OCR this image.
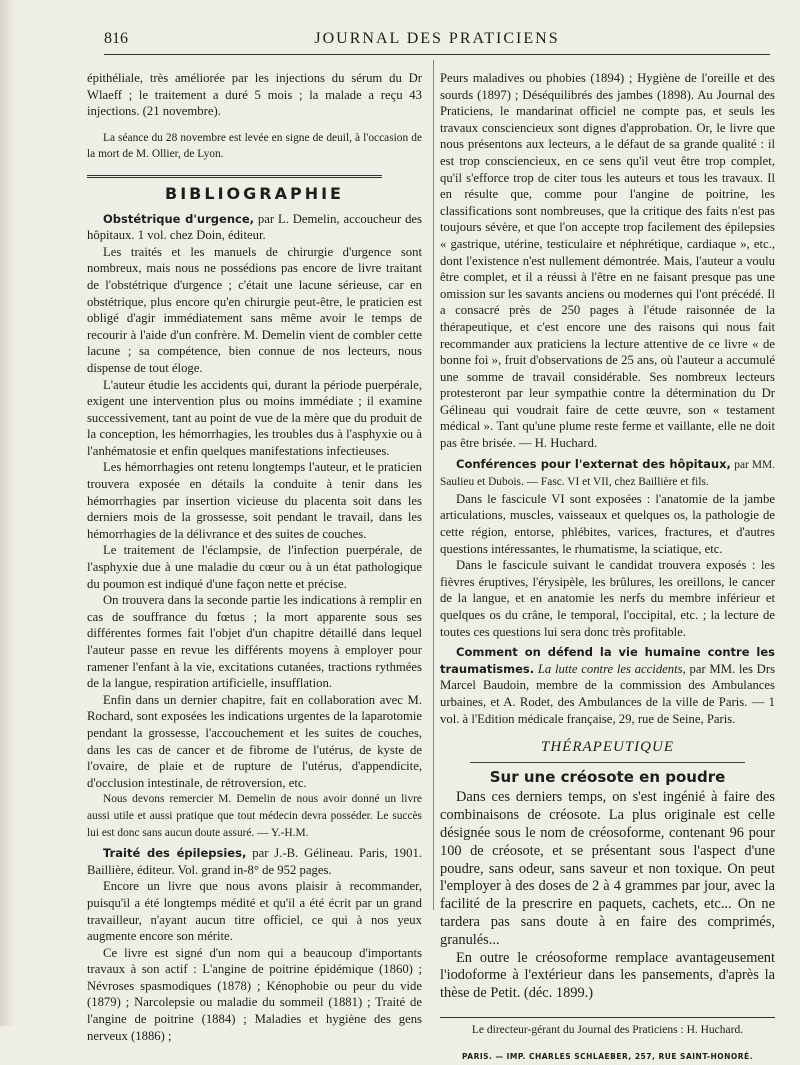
816	JOURNAL DES PRATICIENS

épithéliale, très améliorée par les injections du sérum du Dr Wlaeff ; le traitement a duré 5 mois ; la malade a reçu 43 injections. (21 novembre).

La séance du 28 novembre est levée en signe de deuil, à l'occasion de la mort de M. Ollier, de Lyon.

BIBLIOGRAPHIE

Obstétrique d'urgence, par L. Demelin, accoucheur des hôpitaux. 1 vol. chez Doin, éditeur.

Les traités et les manuels de chirurgie d'urgence sont nombreux, mais nous ne possédions pas encore de livre traitant de l'obstétrique d'urgence ; c'était une lacune sérieuse, car en obstétrique, plus encore qu'en chirurgie peut-être, le praticien est obligé d'agir immédiatement sans même avoir le temps de recourir à l'aide d'un confrère. M. Demelin vient de combler cette lacune ; sa compétence, bien connue de nos lecteurs, nous dispense de tout éloge.

L'auteur étudie les accidents qui, durant la période puerpérale, exigent une intervention plus ou moins immédiate ; il examine successivement, tant au point de vue de la mère que du produit de la conception, les hémorrhagies, les troubles dus à l'asphyxie ou à l'anhématosie et enfin quelques manifestations infectieuses.

Les hémorrhagies ont retenu longtemps l'auteur, et le praticien trouvera exposée en détails la conduite à tenir dans les hémorrhagies par insertion vicieuse du placenta soit dans les derniers mois de la grossesse, soit pendant le travail, dans les hémorrhagies de la délivrance et des suites de couches.

Le traitement de l'éclampsie, de l'infection puerpérale, de l'asphyxie due à une maladie du cœur ou à un état pathologique du poumon est indiqué d'une façon nette et précise.

On trouvera dans la seconde partie les indications à remplir en cas de souffrance du fœtus ; la mort apparente sous ses différentes formes fait l'objet d'un chapitre détaillé dans lequel l'auteur passe en revue les différents moyens à employer pour ramener l'enfant à la vie, excitations cutanées, tractions rythmées de la langue, respiration artificielle, insufflation.

Enfin dans un dernier chapitre, fait en collaboration avec M. Rochard, sont exposées les indications urgentes de la laparotomie pendant la grossesse, l'accouchement et les suites de couches, dans les cas de cancer et de fibrome de l'utérus, de kyste de l'ovaire, de plaie et de rupture de l'utérus, d'appendicite, d'occlusion intestinale, de rétroversion, etc.

Nous devons remercier M. Demelin de nous avoir donné un livre aussi utile et aussi pratique que tout médecin devra posséder. Le succès lui est donc sans aucun doute assuré. — Y.-H.M.

Traité des épilepsies, par J.-B. Gélineau. Paris, 1901. Baillière, éditeur. Vol. grand in-8° de 952 pages.

Encore un livre que nous avons plaisir à recommander, puisqu'il a été longtemps médité et qu'il a été écrit par un grand travailleur, n'ayant aucun titre officiel, ce qui à nos yeux augmente encore son mérite.

Ce livre est signé d'un nom qui a beaucoup d'importants travaux à son actif : L'angine de poitrine épidémique (1860) ; Névroses spasmodiques (1878) ; Kénophobie ou peur du vide (1879) ; Narcolepsie ou maladie du sommeil (1881) ; Traité de l'angine de poitrine (1884) ; Maladies et hygiène des gens nerveux (1886) ;

Peurs maladives ou phobies (1894) ; Hygiène de l'oreille et des sourds (1897) ; Déséquilibrés des jambes (1898). Au Journal des Praticiens, le mandarinat officiel ne compte pas, et seuls les travaux consciencieux sont dignes d'approbation. Or, le livre que nous présentons aux lecteurs, a le défaut de sa grande qualité : il est trop consciencieux, en ce sens qu'il veut être trop complet, qu'il s'efforce trop de citer tous les auteurs et tous les travaux. Il en résulte que, comme pour l'angine de poitrine, les classifications sont nombreuses, que la critique des faits n'est pas toujours sévère, et que l'on accepte trop facilement des épilepsies « gastrique, utérine, testiculaire et néphrétique, cardiaque », etc., dont l'existence n'est nullement démontrée. Mais, l'auteur a voulu être complet, et il a réussi à l'être en ne faisant presque pas une omission sur les savants anciens ou modernes qui l'ont précédé. Il a consacré près de 250 pages à l'étude raisonnée de la thérapeutique, et c'est encore une des raisons qui nous fait recommander aux praticiens la lecture attentive de ce livre « de bonne foi », fruit d'observations de 25 ans, où l'auteur a accumulé une somme de travail considérable. Ses nombreux lecteurs protesteront par leur sympathie contre la détermination du Dr Gélineau qui voudrait faire de cette œuvre, son « testament médical ». Tant qu'une plume reste ferme et vaillante, elle ne doit pas être brisée. — H. Huchard.

Conférences pour l'externat des hôpitaux, par MM. Saulieu et Dubois. — Fasc. VI et VII, chez Baillière et fils.

Dans le fascicule VI sont exposées : l'anatomie de la jambe articulations, muscles, vaisseaux et quelques os, la pathologie de cette région, entorse, phlébites, varices, fractures, et d'autres questions intéressantes, le rhumatisme, la sciatique, etc.

Dans le fascicule suivant le candidat trouvera exposés : les fièvres éruptives, l'érysipèle, les brûlures, les oreillons, le cancer de la langue, et en anatomie les nerfs du membre inférieur et quelques os du crâne, le temporal, l'occipital, etc. ; la lecture de toutes ces questions lui sera donc très profitable.

Comment on défend la vie humaine contre les traumatismes. La lutte contre les accidents, par MM. les Drs Marcel Baudoin, membre de la commission des Ambulances urbaines, et A. Rodet, des Ambulances de la ville de Paris. — 1 vol. à l'Edition médicale française, 29, rue de Seine, Paris.

THÉRAPEUTIQUE
Sur une créosote en poudre

Dans ces derniers temps, on s'est ingénié à faire des combinaisons de créosote. La plus originale est celle désignée sous le nom de créosoforme, contenant 96 pour 100 de créosote, et se présentant sous l'aspect d'une poudre, sans odeur, sans saveur et non toxique. On peut l'employer à des doses de 2 à 4 grammes par jour, avec la facilité de la prescrire en paquets, cachets, etc... On ne tardera pas sans doute à en faire des comprimés, granulés...

En outre le créosoforme remplace avantageusement l'iodoforme à l'extérieur dans les pansements, d'après la thèse de Petit. (déc. 1899.)

Le directeur-gérant du Journal des Praticiens : H. Huchard.
PARIS. — IMP. CHARLES SCHLAEBER, 257, RUE SAINT-HONORÉ.
